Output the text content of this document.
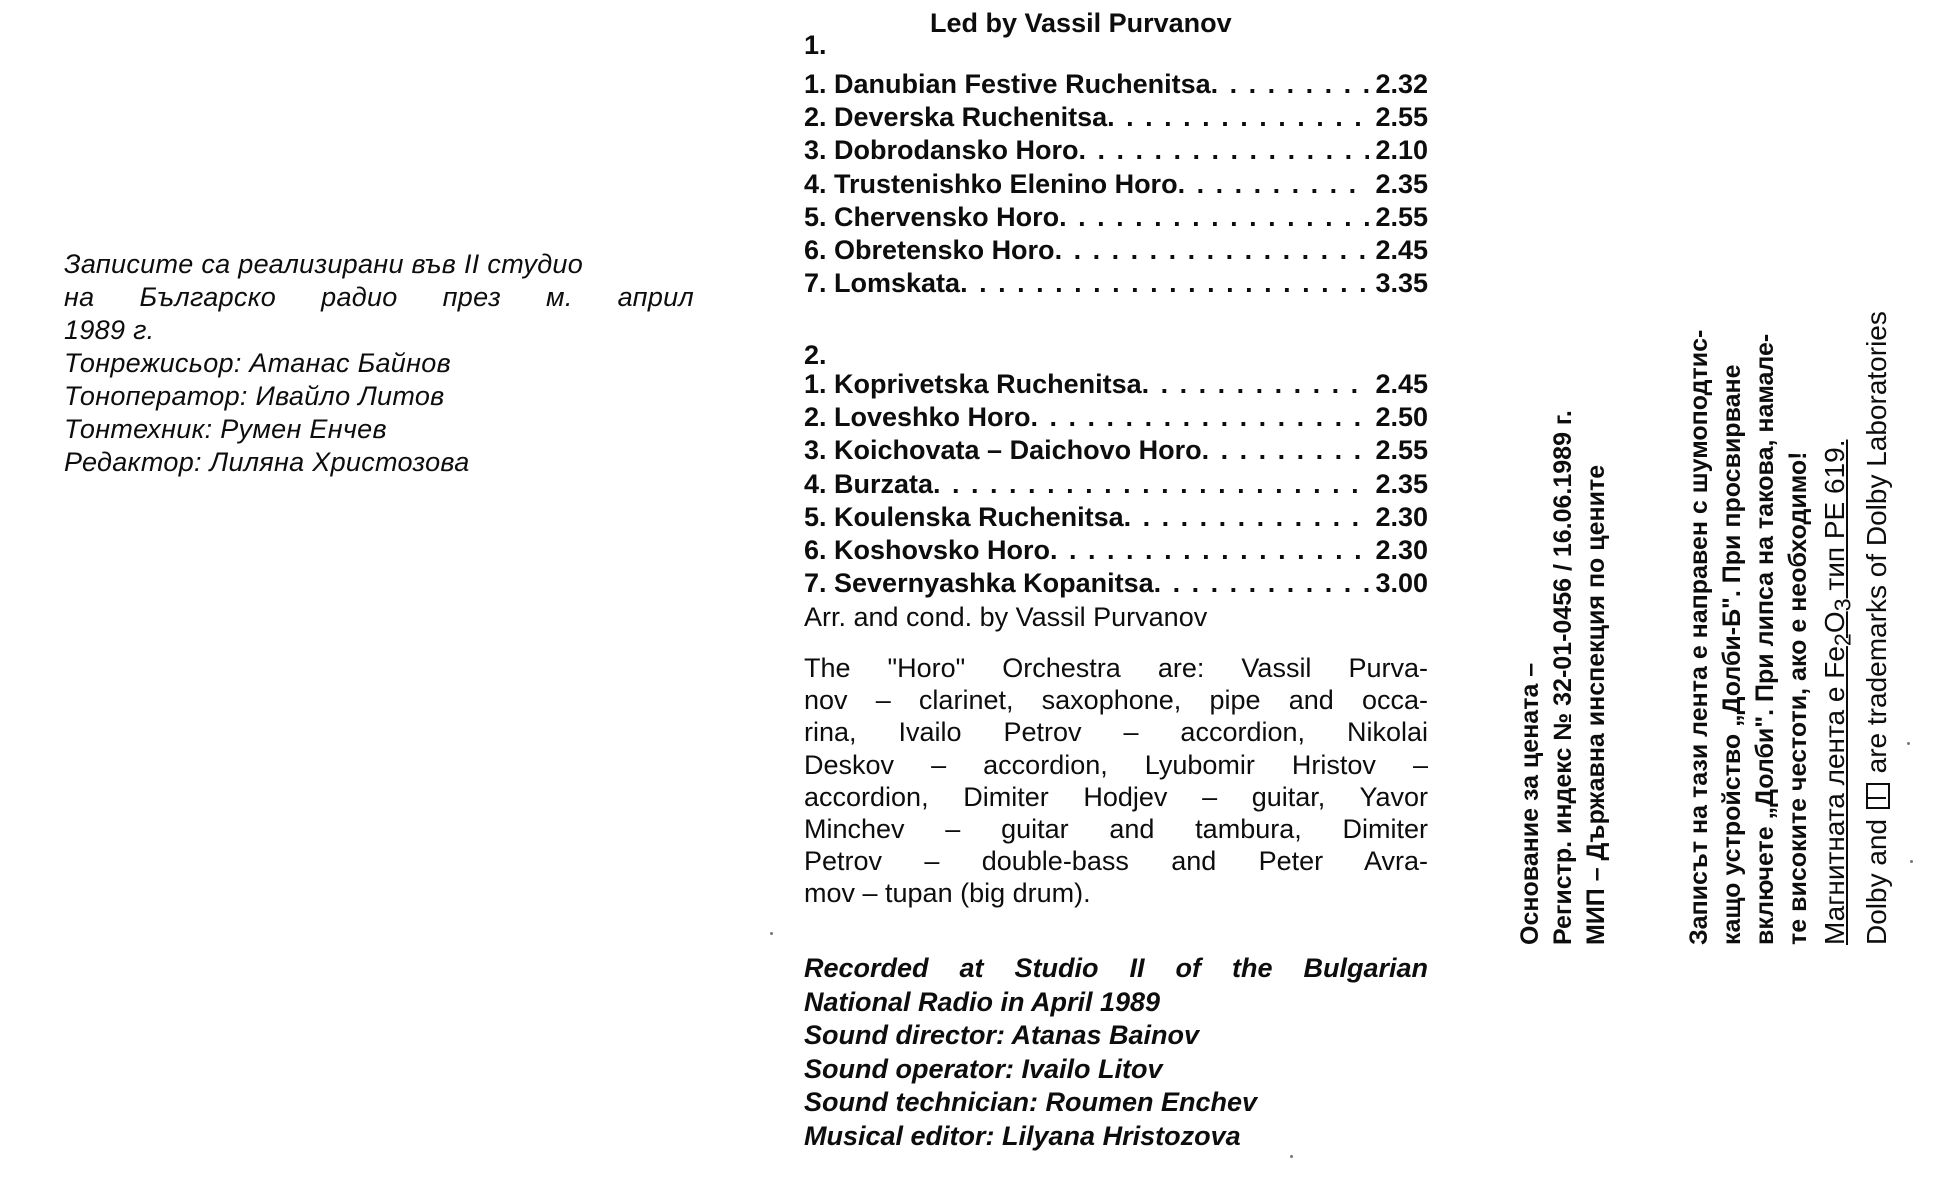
Записите са реализирани във II студио
на Българско радио през м. април
1989 г.
Тонрежисьор: Атанас Байнов
Тоноператор: Ивайло Литов
Тонтехник: Румен Енчев
Редактор: Лиляна Христозова
Led by Vassil Purvanov
1.
1. Danubian Festive Ruchenitsa . . .	2.32
2. Deverska Ruchenitsa . . .	2.55
3. Dobrodansko Horo . . .	2.10
4. Trustenishko Elenino Horo . . .	2.35
5. Chervensko Horo . . .	2.55
6. Obretensko Horo . . .	2.45
7. Lomskata . . .	3.35
2.
1. Koprivetska Ruchenitsa . . .	2.45
2. Loveshko Horo . . .	2.50
3. Koichovata – Daichovo Horo . . .	2.55
4. Burzata . . .	2.35
5. Koulenska Ruchenitsa . . .	2.30
6. Koshovsko Horo . . .	2.30
7. Severnyashka Kopanitsa . . .	3.00
Arr. and cond. by Vassil Purvanov
The "Horo" Orchestra are: Vassil Purva-
nov – clarinet, saxophone, pipe and occa-
rina, Ivailo Petrov – accordion, Nikolai
Deskov – accordion, Lyubomir Hristov –
accordion, Dimiter Hodjev – guitar, Yavor
Minchev – guitar and tambura, Dimiter
Petrov – double-bass and Peter Avra-
mov – tupan (big drum).
Recorded at Studio II of the Bulgarian
National Radio in April 1989
Sound director: Atanas Bainov
Sound operator: Ivailo Litov
Sound technician: Roumen Enchev
Musical editor: Lilyana Hristozova
Основание за цената – Регистр. индекс № 32-01-0456 / 16.06.1989 г. МИП – Държавна инспекция по цените	Записът на тази лента е направен с шумоподтис- кащо устройство „Долби-Б". При просвирване включете „Долби". При липса на такова, намале- те високите честоти, ако е необходимо! Магнитната лента е $Fe_2O_3$ тип PE 619.
Dolby and  are trademarks of Dolby Laboratories
